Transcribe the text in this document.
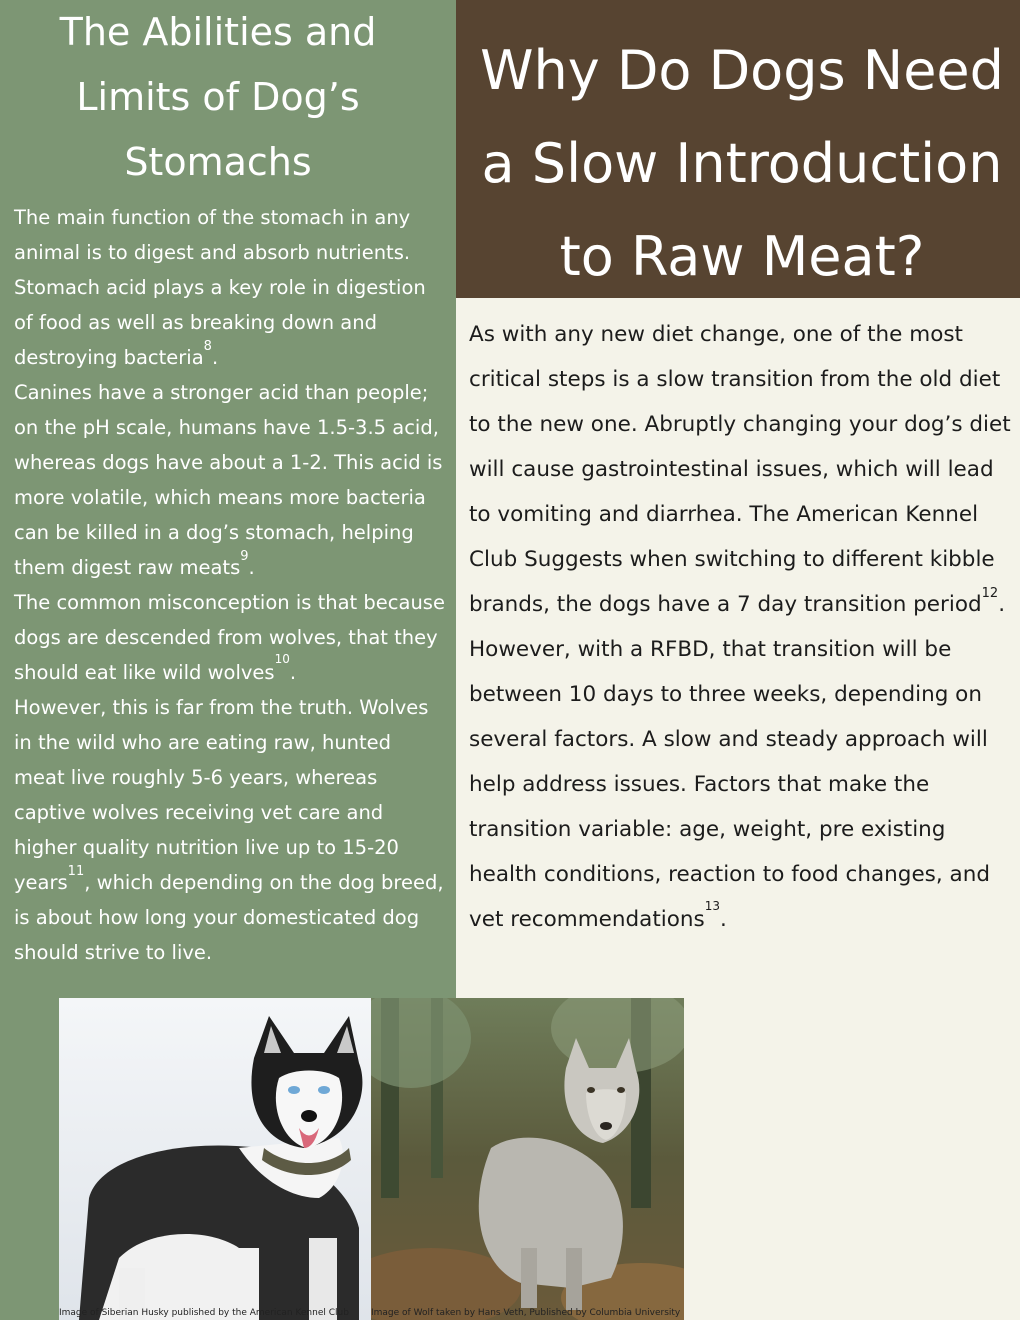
The Abilities and
Limits of Dog’s
Stomachs

The main function of the stomach in any animal is to digest and absorb nutrients. Stomach acid plays a key role in digestion of food as well as breaking down and destroying bacteria$^8$.

Canines have a stronger acid than people; on the pH scale, humans have 1.5-3.5 acid, whereas dogs have about a 1-2. This acid is more volatile, which means more bacteria can be killed in a dog’s stomach, helping them digest raw meats$^9$.

The common misconception is that because dogs are descended from wolves, that they should eat like wild wolves$^{10}$.

However, this is far from the truth. Wolves in the wild who are eating raw, hunted meat live roughly 5-6 years, whereas captive wolves receiving vet care and higher quality nutrition live up to 15-20 years$^{11}$, which depending on the dog breed, is about how long your domesticated dog should strive to live.

Why Do Dogs Need
a Slow Introduction
to Raw Meat?

As with any new diet change, one of the most critical steps is a slow transition from the old diet to the new one. Abruptly changing your dog’s diet will cause gastrointestinal issues, which will lead to vomiting and diarrhea. The American Kennel Club Suggests when switching to different kibble brands, the dogs have a 7 day transition period$^{12}$.

However, with a RFBD, that transition will be between 10 days to three weeks, depending on several factors. A slow and steady approach will help address issues. Factors that make the transition variable: age, weight, pre existing health conditions, reaction to food changes, and vet recommendations$^{13}$.

Image of Siberian Husky published by the American Kennel Club Image of Wolf taken by Hans Veth, Published by Columbia University
